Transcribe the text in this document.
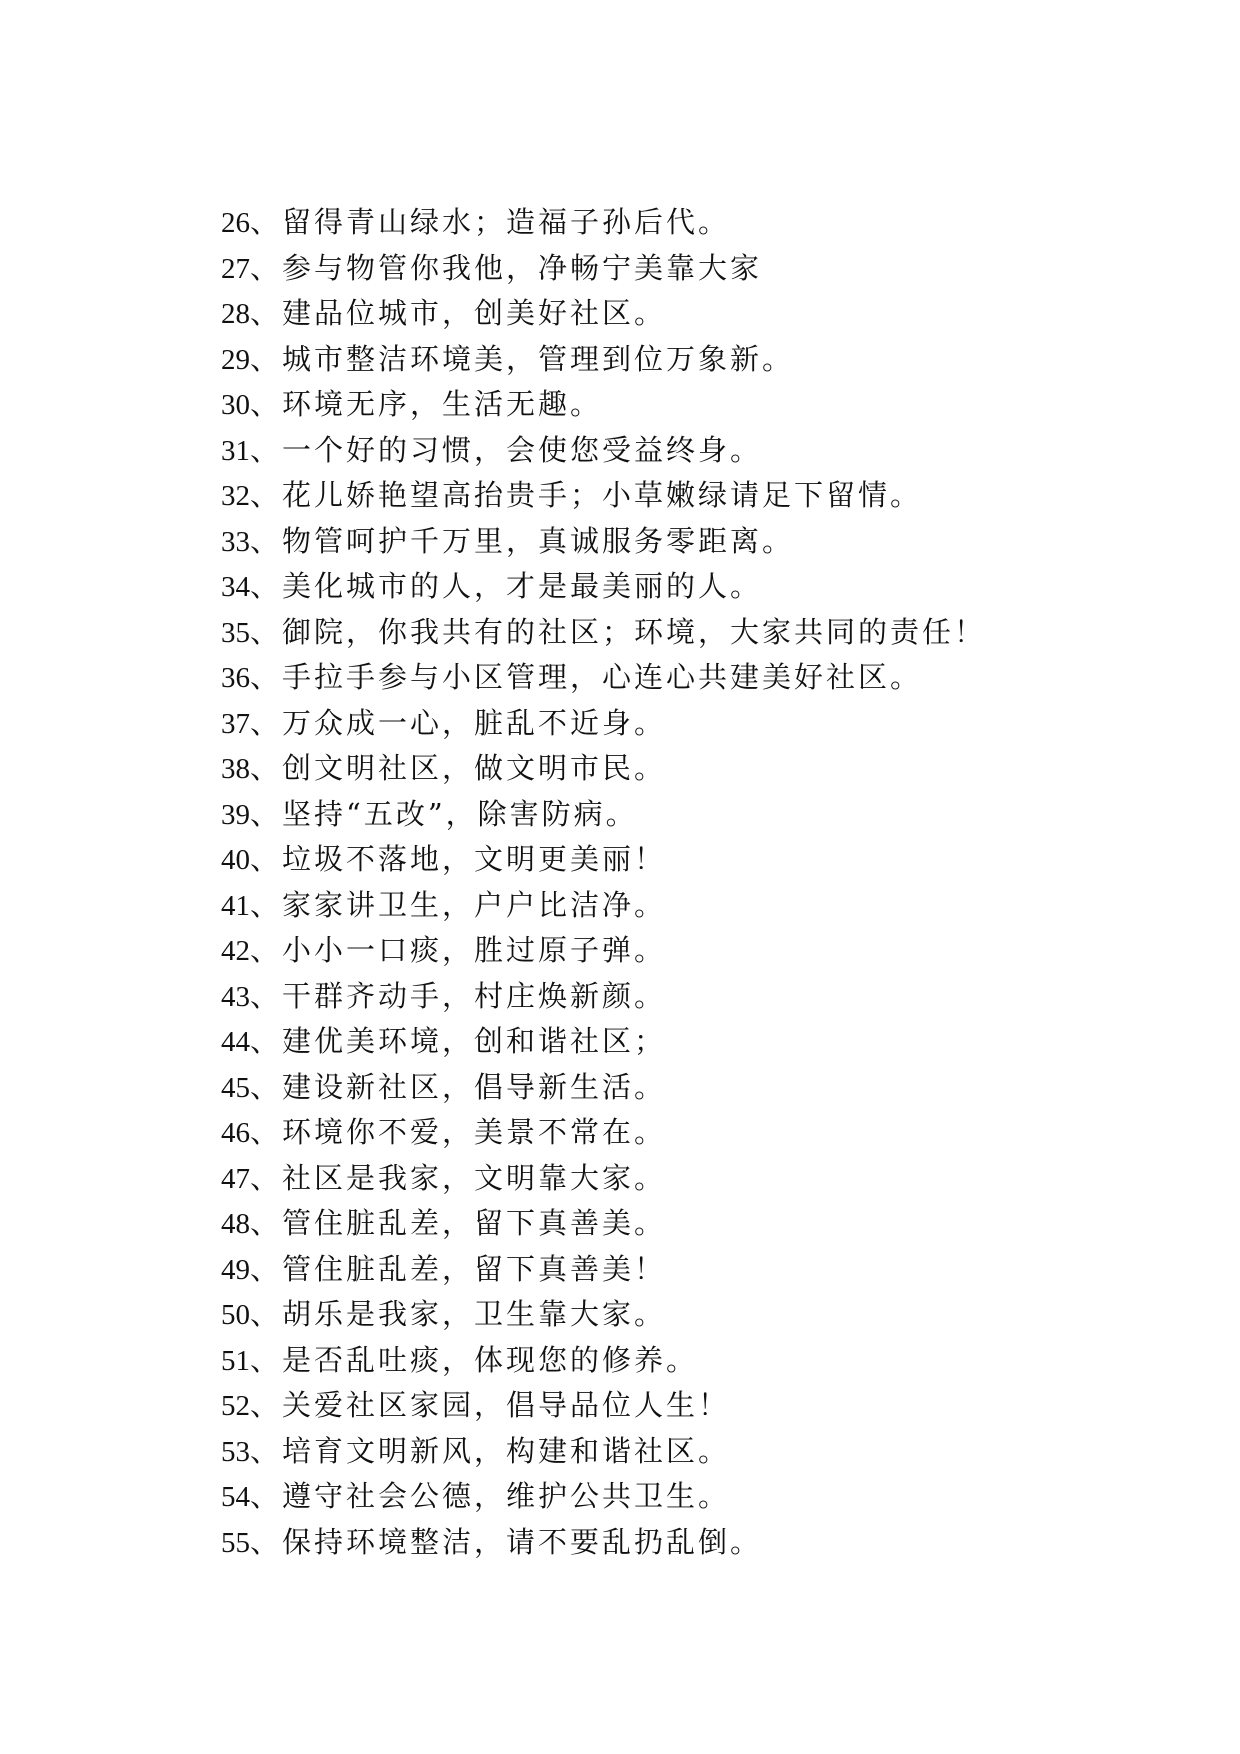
26、留得青山绿水；造福子孙后代。
27、参与物管你我他，净畅宁美靠大家
28、建品位城市，创美好社区。
29、城市整洁环境美，管理到位万象新。
30、环境无序，生活无趣。
31、一个好的习惯，会使您受益终身。
32、花儿娇艳望高抬贵手；小草嫩绿请足下留情。
33、物管呵护千万里，真诚服务零距离。
34、美化城市的人，才是最美丽的人。
35、御院，你我共有的社区；环境，大家共同的责任！
36、手拉手参与小区管理，心连心共建美好社区。
37、万众成一心，脏乱不近身。
38、创文明社区，做文明市民。
39、坚持“五改”，除害防病。
40、垃圾不落地，文明更美丽！
41、家家讲卫生，户户比洁净。
42、小小一口痰，胜过原子弹。
43、干群齐动手，村庄焕新颜。
44、建优美环境，创和谐社区；
45、建设新社区，倡导新生活。
46、环境你不爱，美景不常在。
47、社区是我家，文明靠大家。
48、管住脏乱差，留下真善美。
49、管住脏乱差，留下真善美！
50、胡乐是我家，卫生靠大家。
51、是否乱吐痰，体现您的修养。
52、关爱社区家园，倡导品位人生！
53、培育文明新风，构建和谐社区。
54、遵守社会公德，维护公共卫生。
55、保持环境整洁，请不要乱扔乱倒。
